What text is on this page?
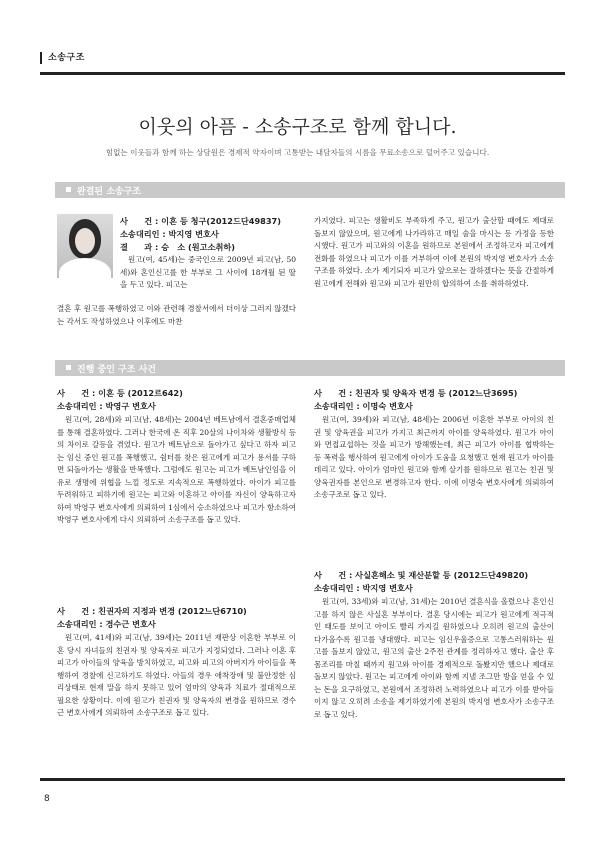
소송구조
이웃의 아픔 - 소송구조로 함께 합니다.
힘없는 이웃들과 함께 하는 상담원은 경제적 약자이며 고통받는 내담자들의 시름을 무료소송으로 덜어주고 있습니다.
완결된 소송구조
사　　건 : 이혼 등 청구(2012드단49837)
소송대리인 : 박지영 변호사
결　　과 : 승　소 (원고소취하)
원고(여, 45세)는 중국인으로 2009년 피고(남, 50세)와 혼인신고를 한 부부로 그 사이에 18개월 된 딸을 두고 있다. 피고는
결혼 후 원고를 폭행하였고 이와 관련해 경찰서에서 더이상 그러지 않겠다는 각서도 작성하였으나 이후에도 마찬
가지였다. 피고는 생활비도 부족하게 주고, 원고가 출산할 때에도 제대로 돌보지 않았으며, 원고에게 나가라하고 매일 술을 마시는 등 가정을 등한시했다. 원고가 피고와의 이혼을 원하므로 본원에서 조정하고자 피고에게 전화를 하였으나 피고가 이를 거부하여 이에 본원의 박지영 변호사가 소송구조를 하였다. 소가 제기되자 피고가 앞으로는 잘하겠다는 뜻을 간절하게 원고에게 전해와 원고와 피고가 원만히 합의하여 소를 취하하였다.
진행 중인 구조 사건
사　　건 : 이혼 등 (2012르642)
소송대리인 : 박영구 변호사
원고(여, 28세)와 피고(남, 48세)는 2004년 베트남에서 결혼중매업체를 통해 결혼하였다. 그러나 한국에 온 직후 20살의 나이차와 생활방식 등의 차이로 갈등을 겪었다. 원고가 베트남으로 돌아가고 싶다고 하자 피고는 임신 중인 원고를 폭행했고, 쉼터를 찾은 원고에게 피고가 용서를 구하면 되돌아가는 생활을 반복했다. 그럼에도 원고는 피고가 베트남인임을 이유로 생명에 위협을 느낄 정도로 지속적으로 폭행하였다. 아이가 피고를 두려워하고 피하기에 원고는 피고와 이혼하고 아이를 자신이 양육하고자 하여 박영구 변호사에게 의뢰하여 1심에서 승소하였으나 피고가 항소하여 박영구 변호사에게 다시 의뢰하여 소송구조를 돕고 있다.
사　　건 : 친권자의 지정과 변경 (2012느단6710)
소송대리인 : 경수근 변호사
원고(여, 41세)와 피고(남, 39세)는 2011년 재판상 이혼한 부부로 이혼 당시 자녀들의 친권자 및 양육자로 피고가 지정되었다. 그러나 이혼 후 피고가 아이들의 양육을 방치하였고, 피고와 피고의 아버지가 아이들을 폭행하여 경찰에 신고하기도 하였다. 아들의 경우 애착장애 및 불안정한 심리상태로 현재 말을 하지 못하고 있어 엄마의 양육과 치료가 절대적으로 필요한 상황이다. 이에 원고가 친권자 및 양육자의 변경을 원하므로 경수근 변호사에게 의뢰하여 소송구조로 돕고 있다.
사　　건 : 친권자 및 양육자 변경 등 (2012느단3695)
소송대리인 : 이명숙 변호사
원고(여, 39세)와 피고(남, 48세)는 2006년 이혼한 부부로 아이의 친권 및 양육권을 피고가 가지고 최근까지 아이를 양육하였다. 원고가 아이와 면접교섭하는 것을 피고가 방해했는데, 최근 피고가 아이를 협박하는 등 폭력을 행사하여 원고에게 아이가 도움을 요청했고 현재 원고가 아이를 데리고 있다. 아이가 엄마인 원고와 함께 살기를 원하므로 원고는 친권 및 양육권자를 본인으로 변경하고자 한다. 이에 이명숙 변호사에게 의뢰하여 소송구조로 돕고 있다.
사　　건 : 사실혼해소 및 재산분할 등 (2012드단49820)
소송대리인 : 박지영 변호사
원고(여, 33세)와 피고(남, 31세)는 2010년 결혼식을 올렸으나 혼인신고를 하지 않은 사실혼 부부이다. 결혼 당시에는 피고가 원고에게 적극적인 태도를 보이고 아이도 빨리 가지길 원하였으나 오히려 원고의 출산이 다가올수록 원고를 냉대했다. 피고는 임신우울증으로 고통스러워하는 원고를 돌보지 않았고, 원고의 출산 2주전 관계를 정리하자고 했다. 출산 후 몸조리를 마칠 때까지 원고와 아이를 경제적으로 돌봤지만 했으나 제대로 돌보지 않았다. 원고는 피고에게 아이와 함께 지낼 조그만 방을 얻을 수 있는 돈을 요구하였고, 본원에서 조정하려 노력하였으나 피고가 이를 받아들이지 않고 오히려 소송을 제기하였기에 본원의 박지영 변호사가 소송구조로 돕고 있다.
8
